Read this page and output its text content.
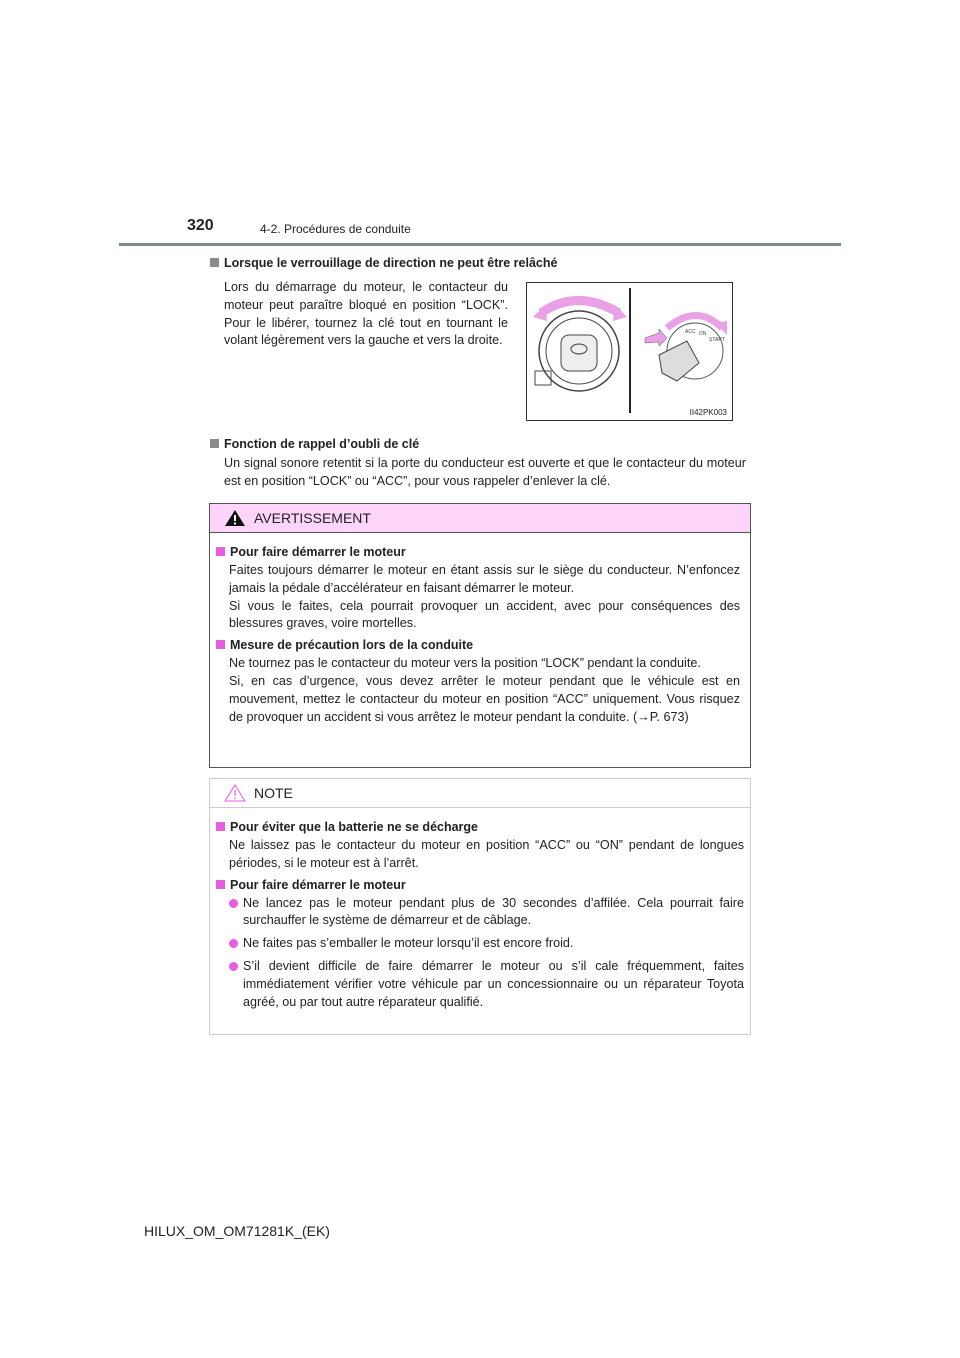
320	4-2. Procédures de conduite
Lorsque le verrouillage de direction ne peut être relâché
Lors du démarrage du moteur, le contacteur du moteur peut paraître bloqué en position “LOCK”. Pour le libérer, tournez la clé tout en tournant le volant légèrement vers la gauche et vers la droite.
ACC ON
START
II42PK003
Fonction de rappel d’oubli de clé
Un signal sonore retentit si la porte du conducteur est ouverte et que le contacteur du moteur est en position “LOCK” ou “ACC”, pour vous rappeler d’enlever la clé.
AVERTISSEMENT
Pour faire démarrer le moteur
Faites toujours démarrer le moteur en étant assis sur le siège du conducteur. N’enfoncez jamais la pédale d’accélérateur en faisant démarrer le moteur.
Si vous le faites, cela pourrait provoquer un accident, avec pour conséquences des blessures graves, voire mortelles.
Mesure de précaution lors de la conduite
Ne tournez pas le contacteur du moteur vers la position “LOCK” pendant la conduite.
Si, en cas d’urgence, vous devez arrêter le moteur pendant que le véhicule est en mouvement, mettez le contacteur du moteur en position “ACC” uniquement. Vous risquez de provoquer un accident si vous arrêtez le moteur pendant la conduite. (→P. 673)
NOTE
Pour éviter que la batterie ne se décharge
Ne laissez pas le contacteur du moteur en position “ACC” ou “ON” pendant de longues périodes, si le moteur est à l’arrêt.
Pour faire démarrer le moteur
Ne lancez pas le moteur pendant plus de 30 secondes d’affilée. Cela pourrait faire surchauffer le système de démarreur et de câblage.
Ne faites pas s’emballer le moteur lorsqu’il est encore froid.
S’il devient difficile de faire démarrer le moteur ou s’il cale fréquemment, faites immédiatement vérifier votre véhicule par un concessionnaire ou un réparateur Toyota agréé, ou par tout autre réparateur qualifié.
HILUX_OM_OM71281K_(EK)
